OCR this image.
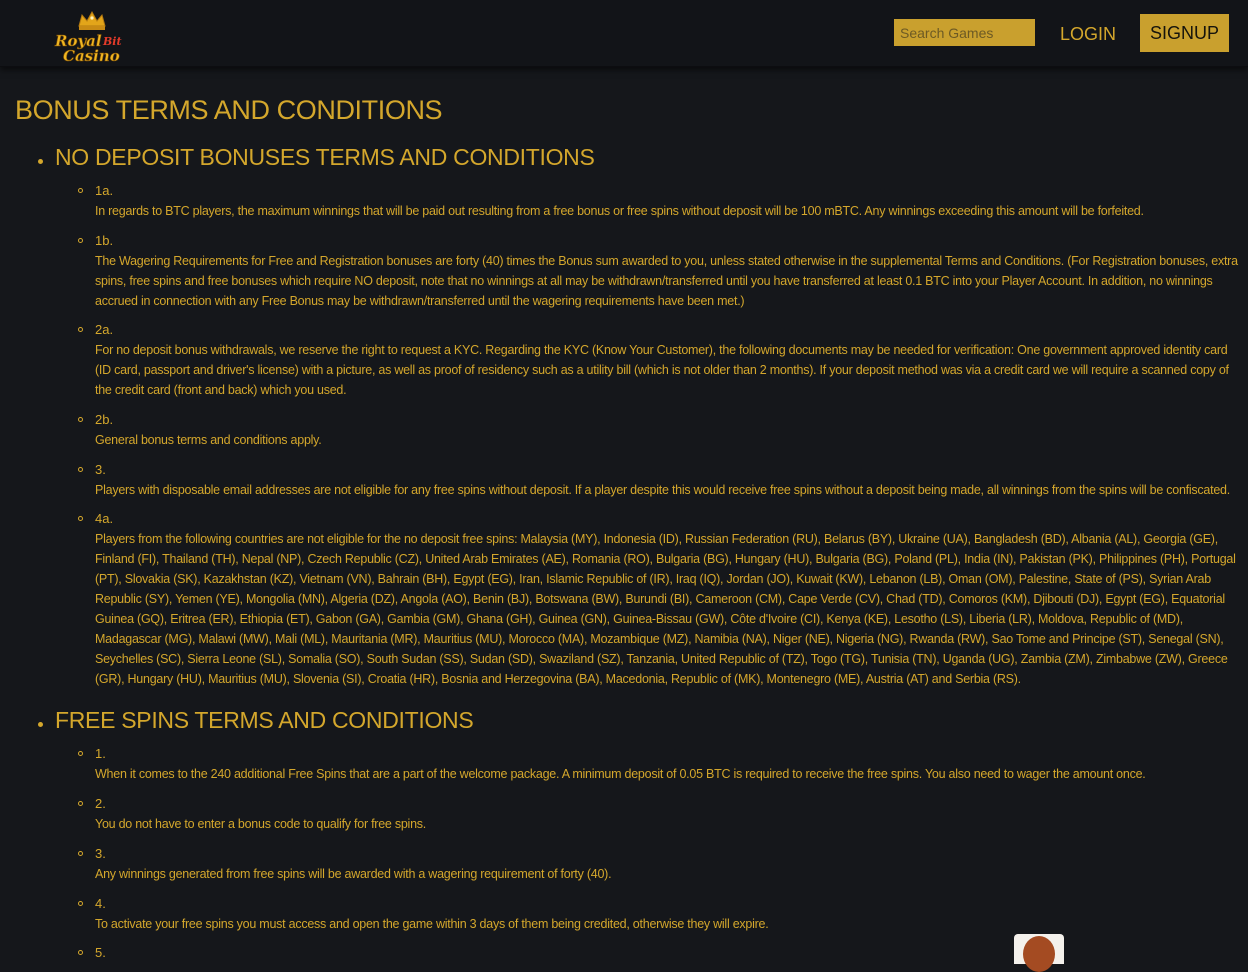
Royal Bit
Casino
Search Games
LOGIN	SIGNUP
BONUS TERMS AND CONDITIONS
NO DEPOSIT BONUSES TERMS AND CONDITIONS
1a.

In regards to BTC players, the maximum winnings that will be paid out resulting from a free bonus or free spins without deposit will be 100 mBTC. Any winnings exceeding this amount will be forfeited.

1b.

The Wagering Requirements for Free and Registration bonuses are forty (40) times the Bonus sum awarded to you, unless stated otherwise in the supplemental Terms and Conditions. (For Registration bonuses, extra spins, free spins and free bonuses which require NO deposit, note that no winnings at all may be withdrawn/transferred until you have transferred at least 0.1 BTC into your Player Account. In addition, no winnings accrued in connection with any Free Bonus may be withdrawn/transferred until the wagering requirements have been met.)

2a.

For no deposit bonus withdrawals, we reserve the right to request a KYC. Regarding the KYC (Know Your Customer), the following documents may be needed for verification: One government approved identity card (ID card, passport and driver's license) with a picture, as well as proof of residency such as a utility bill (which is not older than 2 months). If your deposit method was via a credit card we will require a scanned copy of the credit card (front and back) which you used.

2b.

General bonus terms and conditions apply.

3.

Players with disposable email addresses are not eligible for any free spins without deposit. If a player despite this would receive free spins without a deposit being made, all winnings from the spins will be confiscated.

4a.

Players from the following countries are not eligible for the no deposit free spins: Malaysia (MY), Indonesia (ID), Russian Federation (RU), Belarus (BY), Ukraine (UA), Bangladesh (BD), Albania (AL), Georgia (GE), Finland (FI), Thailand (TH), Nepal (NP), Czech Republic (CZ), United Arab Emirates (AE), Romania (RO), Bulgaria (BG), Hungary (HU), Bulgaria (BG), Poland (PL), India (IN), Pakistan (PK), Philippines (PH), Portugal (PT), Slovakia (SK), Kazakhstan (KZ), Vietnam (VN), Bahrain (BH), Egypt (EG), Iran, Islamic Republic of (IR), Iraq (IQ), Jordan (JO), Kuwait (KW), Lebanon (LB), Oman (OM), Palestine, State of (PS), Syrian Arab Republic (SY), Yemen (YE), Mongolia (MN), Algeria (DZ), Angola (AO), Benin (BJ), Botswana (BW), Burundi (BI), Cameroon (CM), Cape Verde (CV), Chad (TD), Comoros (KM), Djibouti (DJ), Egypt (EG), Equatorial Guinea (GQ), Eritrea (ER), Ethiopia (ET), Gabon (GA), Gambia (GM), Ghana (GH), Guinea (GN), Guinea-Bissau (GW), Côte d'Ivoire (CI), Kenya (KE), Lesotho (LS), Liberia (LR), Moldova, Republic of (MD), Madagascar (MG), Malawi (MW), Mali (ML), Mauritania (MR), Mauritius (MU), Morocco (MA), Mozambique (MZ), Namibia (NA), Niger (NE), Nigeria (NG), Rwanda (RW), Sao Tome and Principe (ST), Senegal (SN), Seychelles (SC), Sierra Leone (SL), Somalia (SO), South Sudan (SS), Sudan (SD), Swaziland (SZ), Tanzania, United Republic of (TZ), Togo (TG), Tunisia (TN), Uganda (UG), Zambia (ZM), Zimbabwe (ZW), Greece (GR), Hungary (HU), Mauritius (MU), Slovenia (SI), Croatia (HR), Bosnia and Herzegovina (BA), Macedonia, Republic of (MK), Montenegro (ME), Austria (AT) and Serbia (RS).

FREE SPINS TERMS AND CONDITIONS
1.

When it comes to the 240 additional Free Spins that are a part of the welcome package. A minimum deposit of 0.05 BTC is required to receive the free spins. You also need to wager the amount once.

2.

You do not have to enter a bonus code to qualify for free spins.

3.

Any winnings generated from free spins will be awarded with a wagering requirement of forty (40).

4.

To activate your free spins you must access and open the game within 3 days of them being credited, otherwise they will expire.

5.
